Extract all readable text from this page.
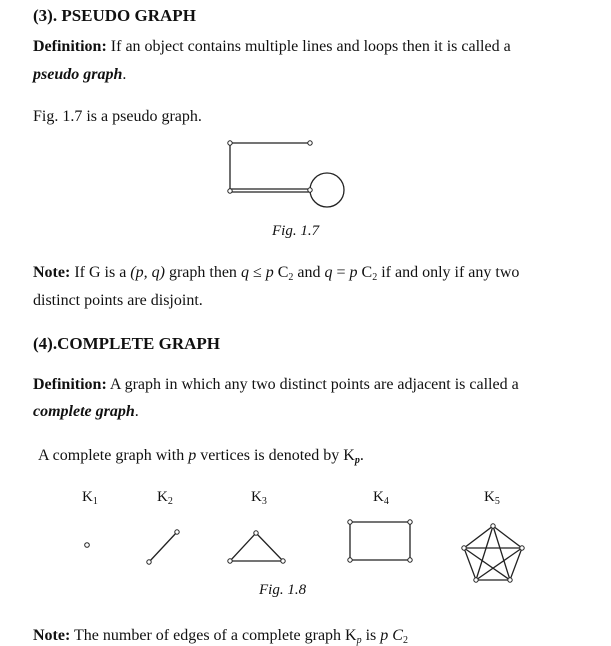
(3). PSEUDO GRAPH
Definition: If an object contains multiple lines and loops then it is called a
pseudo graph.
Fig. 1.7 is a pseudo graph.
Fig. 1.7
Note: If G is a (p, q) graph then q ≤ p $C_2$ and q = p $C_2$ if and only if any two
distinct points are disjoint.
(4).COMPLETE GRAPH
Definition: A graph in which any two distinct points are adjacent is called a
complete graph.
A complete graph with p vertices is denoted by $K_p$.
$K_1$	$K_2$	$K_3$	$K_4$	$K_5$
Fig. 1.8
Note: The number of edges of a complete graph $K_p$ is p $C_2$
